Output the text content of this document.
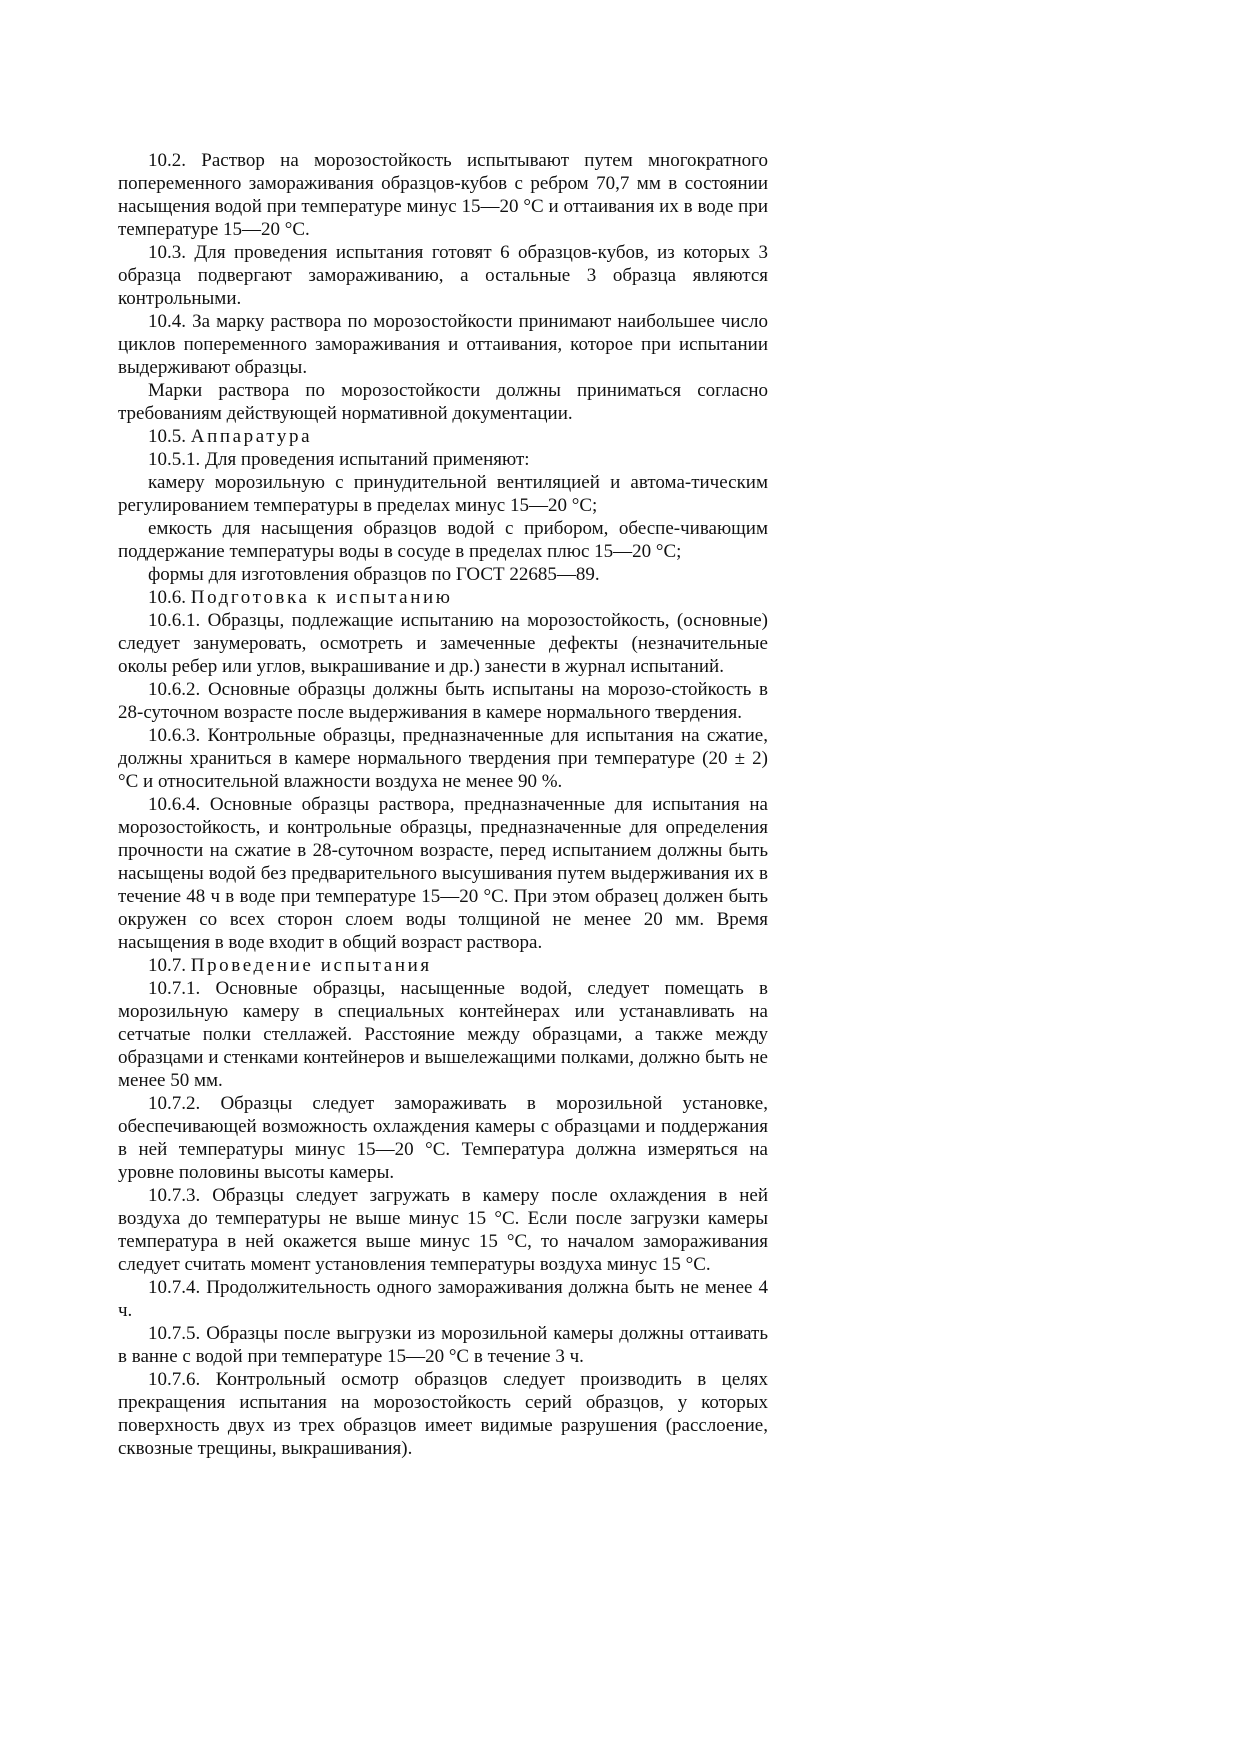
10.2. Раствор на морозостойкость испытывают путем многократного попеременного замораживания образцов-кубов с ребром 70,7 мм в состоянии насыщения водой при температуре минус 15—20 °С и оттаивания их в воде при температуре 15—20 °С.

10.3. Для проведения испытания готовят 6 образцов-кубов, из которых 3 образца подвергают замораживанию, а остальные 3 образца являются контрольными.

10.4. За марку раствора по морозостойкости принимают наибольшее число циклов попеременного замораживания и оттаивания, которое при испытании выдерживают образцы.

Марки раствора по морозостойкости должны приниматься согласно требованиям действующей нормативной документации.

10.5. Аппаратура

10.5.1. Для проведения испытаний применяют:

камеру морозильную с принудительной вентиляцией и автома-тическим регулированием температуры в пределах минус 15—20 °С;

емкость для насыщения образцов водой с прибором, обеспе-чивающим поддержание температуры воды в сосуде в пределах плюс 15—20 °С;

формы для изготовления образцов по ГОСТ 22685—89.

10.6. Подготовка к испытанию

10.6.1. Образцы, подлежащие испытанию на морозостойкость, (основные) следует занумеровать, осмотреть и замеченные дефекты (незначительные околы ребер или углов, выкрашивание и др.) занести в журнал испытаний.

10.6.2. Основные образцы должны быть испытаны на морозо-стойкость в 28-суточном возрасте после выдерживания в камере нормального твердения.

10.6.3. Контрольные образцы, предназначенные для испытания на сжатие, должны храниться в камере нормального твердения при температуре (20 ± 2) °С и относительной влажности воздуха не менее 90 %.

10.6.4. Основные образцы раствора, предназначенные для испытания на морозостойкость, и контрольные образцы, предназначенные для определения прочности на сжатие в 28-суточном возрасте, перед испытанием должны быть насыщены водой без предварительного высушивания путем выдерживания их в течение 48 ч в воде при температуре 15—20 °С. При этом образец должен быть окружен со всех сторон слоем воды толщиной не менее 20 мм. Время насыщения в воде входит в общий возраст раствора.

10.7. Проведение испытания

10.7.1. Основные образцы, насыщенные водой, следует помещать в морозильную камеру в специальных контейнерах или устанавливать на сетчатые полки стеллажей. Расстояние между образцами, а также между образцами и стенками контейнеров и вышележащими полками, должно быть не менее 50 мм.

10.7.2. Образцы следует замораживать в морозильной установке, обеспечивающей возможность охлаждения камеры с образцами и поддержания в ней температуры минус 15—20 °С. Температура должна измеряться на уровне половины высоты камеры.

10.7.3. Образцы следует загружать в камеру после охлаждения в ней воздуха до температуры не выше минус 15 °С. Если после загрузки камеры температура в ней окажется выше минус 15 °С, то началом замораживания следует считать момент установления температуры воздуха минус 15 °С.

10.7.4. Продолжительность одного замораживания должна быть не менее 4 ч.

10.7.5. Образцы после выгрузки из морозильной камеры должны оттаивать в ванне с водой при температуре 15—20 °С в течение 3 ч.

10.7.6. Контрольный осмотр образцов следует производить в целях прекращения испытания на морозостойкость серий образцов, у которых поверхность двух из трех образцов имеет видимые разрушения (расслоение, сквозные трещины, выкрашивания).
